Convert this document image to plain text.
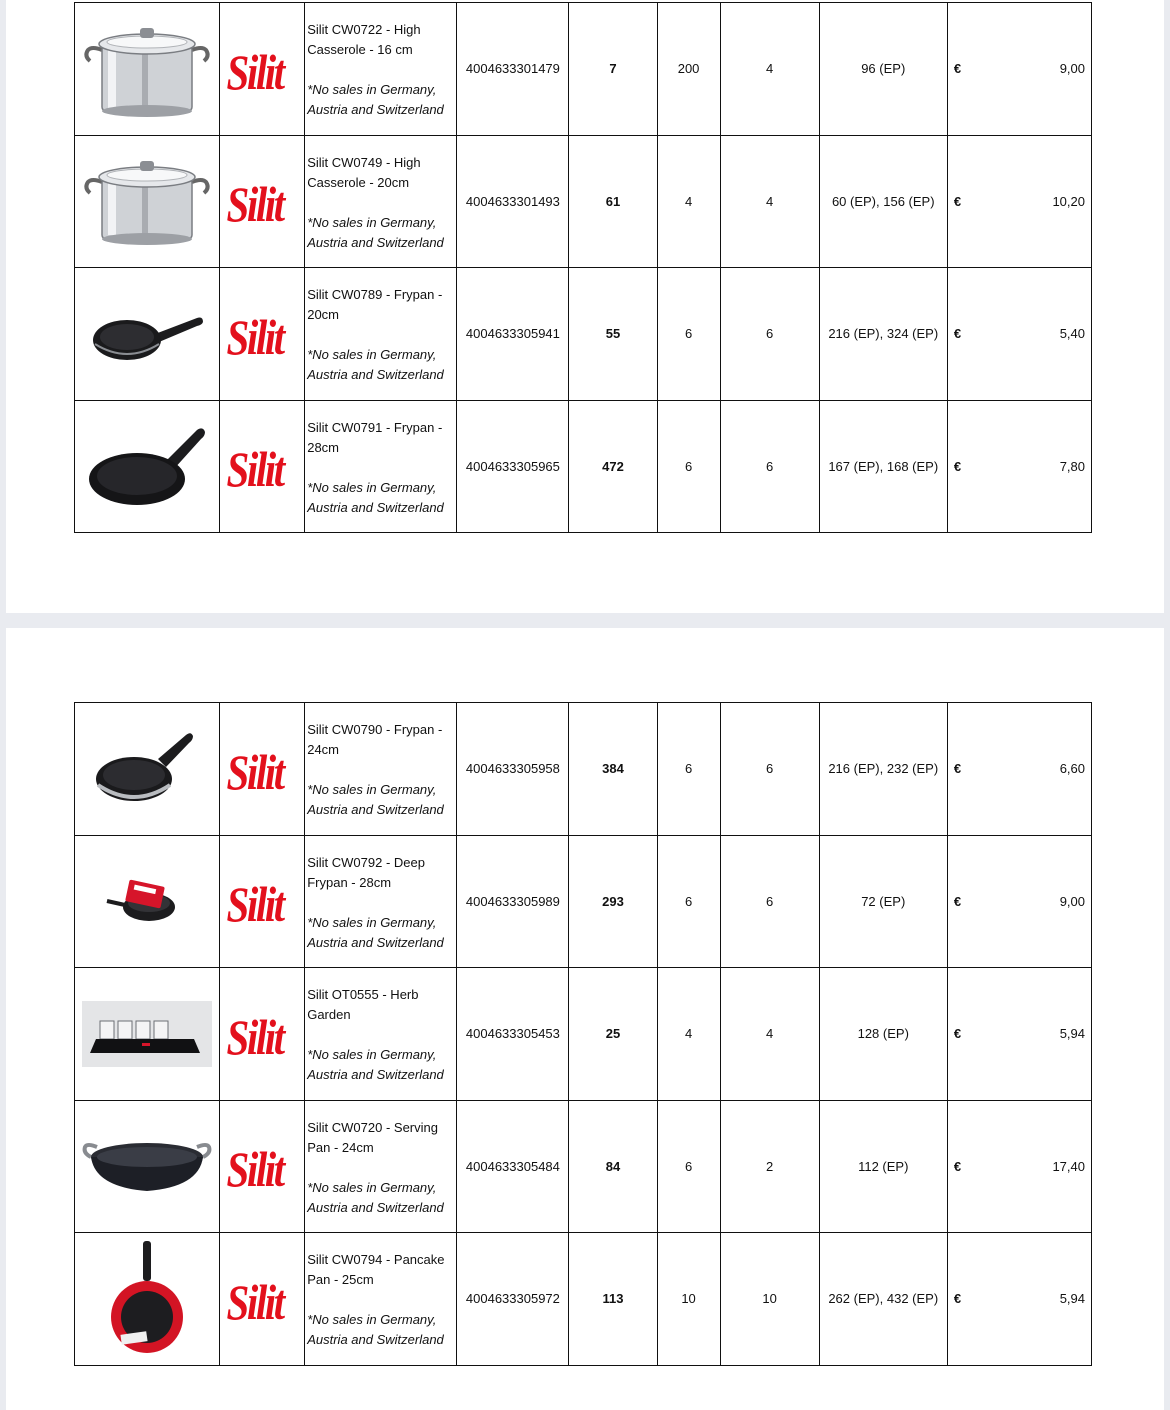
	Silit	Silit CW0722 - High Casserole - 16 cm
*No sales in Germany, Austria and Switzerland	4004633301479	7	200	4	96 (EP)	€	9,00

	Silit	Silit CW0749 - High Casserole - 20cm
*No sales in Germany, Austria and Switzerland	4004633301493	61	4	4	60 (EP), 156 (EP)	€	10,20

	Silit	Silit CW0789 - Frypan - 20cm
*No sales in Germany, Austria and Switzerland	4004633305941	55	6	6	216 (EP), 324 (EP)	€	5,40

	Silit	Silit CW0791 - Frypan - 28cm
*No sales in Germany, Austria and Switzerland	4004633305965	472	6	6	167 (EP), 168 (EP)	€	7,80
	Silit	Silit CW0790 - Frypan - 24cm
*No sales in Germany, Austria and Switzerland	4004633305958	384	6	6	216 (EP), 232 (EP)	€	6,60

	Silit	Silit CW0792 - Deep Frypan - 28cm
*No sales in Germany, Austria and Switzerland	4004633305989	293	6	6	72 (EP)	€	9,00

	Silit	Silit OT0555 - Herb Garden
*No sales in Germany, Austria and Switzerland	4004633305453	25	4	4	128 (EP)	€	5,94

	Silit	Silit CW0720 - Serving Pan - 24cm
*No sales in Germany, Austria and Switzerland	4004633305484	84	6	2	112 (EP)	€	17,40

	Silit	Silit CW0794 - Pancake Pan - 25cm
*No sales in Germany, Austria and Switzerland	4004633305972	113	10	10	262 (EP), 432 (EP)	€	5,94
